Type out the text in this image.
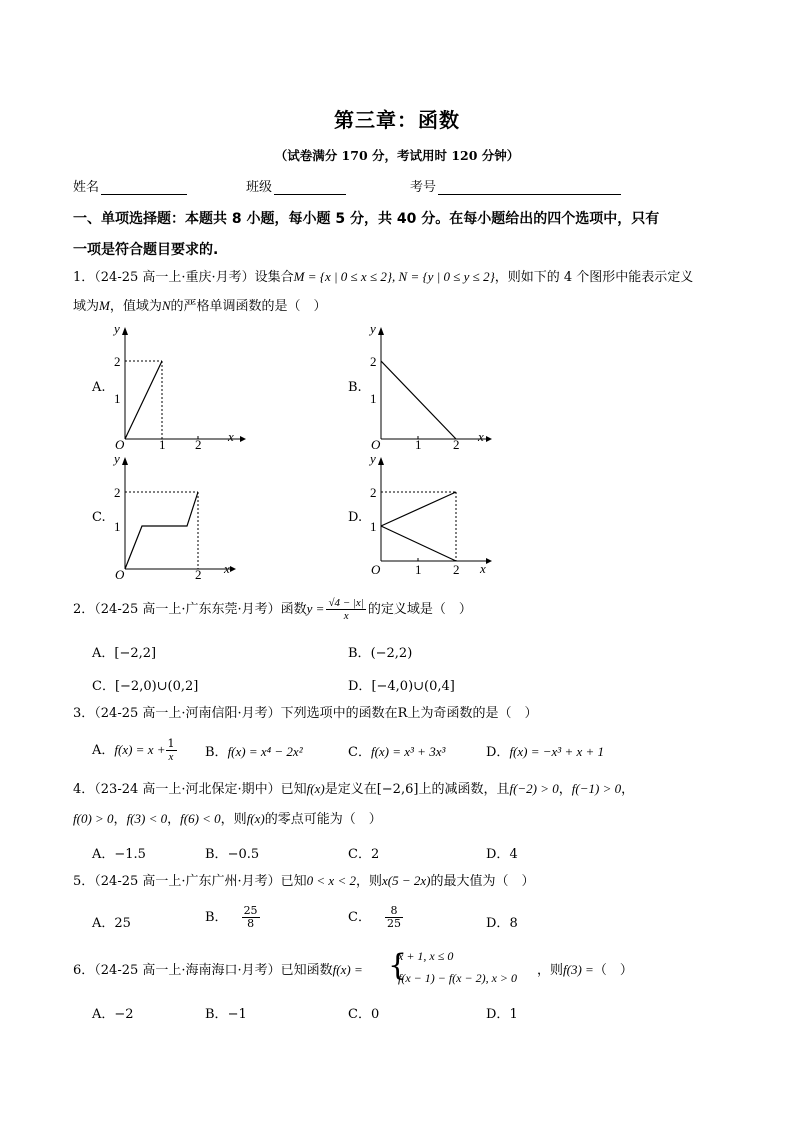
第三章：函数
（试卷满分 170 分，考试用时 120 分钟）
姓名	班级	考号
一、单项选择题：本题共 8 小题，每小题 5 分，共 40 分。在每小题给出的四个选项中，只有
一项是符合题目要求的.
1．（24-25 高一上·重庆·月考）设集合M = {x | 0 ≤ x ≤ 2}, N = {y | 0 ≤ y ≤ 2}，则如下的 4 个图形中能表示定义
域为M，值域为N的严格单调函数的是（　）
A.
y
x
O	1 2
1
2
B.
y
x
O	1 2
1
2
C.
y
x
O	2
1
2
D.
y
x
O	1 2
1
2
2．（24-25 高一上·广东东莞·月考）函数$y = \frac{√4 - |x|}{x}$ 的定义域是（　）
A．[−2,2]	B．(−2,2)
C．[−2,0)∪(0,2]	D．[−4,0)∪(0,4]
3．（24-25 高一上·河南信阳·月考）下列选项中的函数在R上为奇函数的是（　）
A．$f(x) = x + \frac{1}{x}$ B．f(x) = x⁴ − 2x²	C．f(x) = x³ + 3x³	D．f(x) = −x³ + x + 1
4．（23-24 高一上·河北保定·期中）已知f(x)是定义在[−2,6]上的减函数，且f(−2) > 0，f(−1) > 0，
f(0) > 0，f(3) < 0，f(6) < 0，则f(x)的零点可能为（　）
A．−1.5	B．−0.5	C．2	D．4
5．（24-25 高一上·广东广州·月考）已知0 < x < 2，则x(5 − 2x)的最大值为（　）
A．25	B． $\frac{25}{8}$	C． $\frac{8}{25}$	D．8
6．（24-25 高一上·海南海口·月考）已知函数f(x) = {
x + 1, x ≤ 0
f(x − 1) − f(x − 2), x > 0 ，则f(3) =（　）
A．−2	B．−1	C．0	D．1
